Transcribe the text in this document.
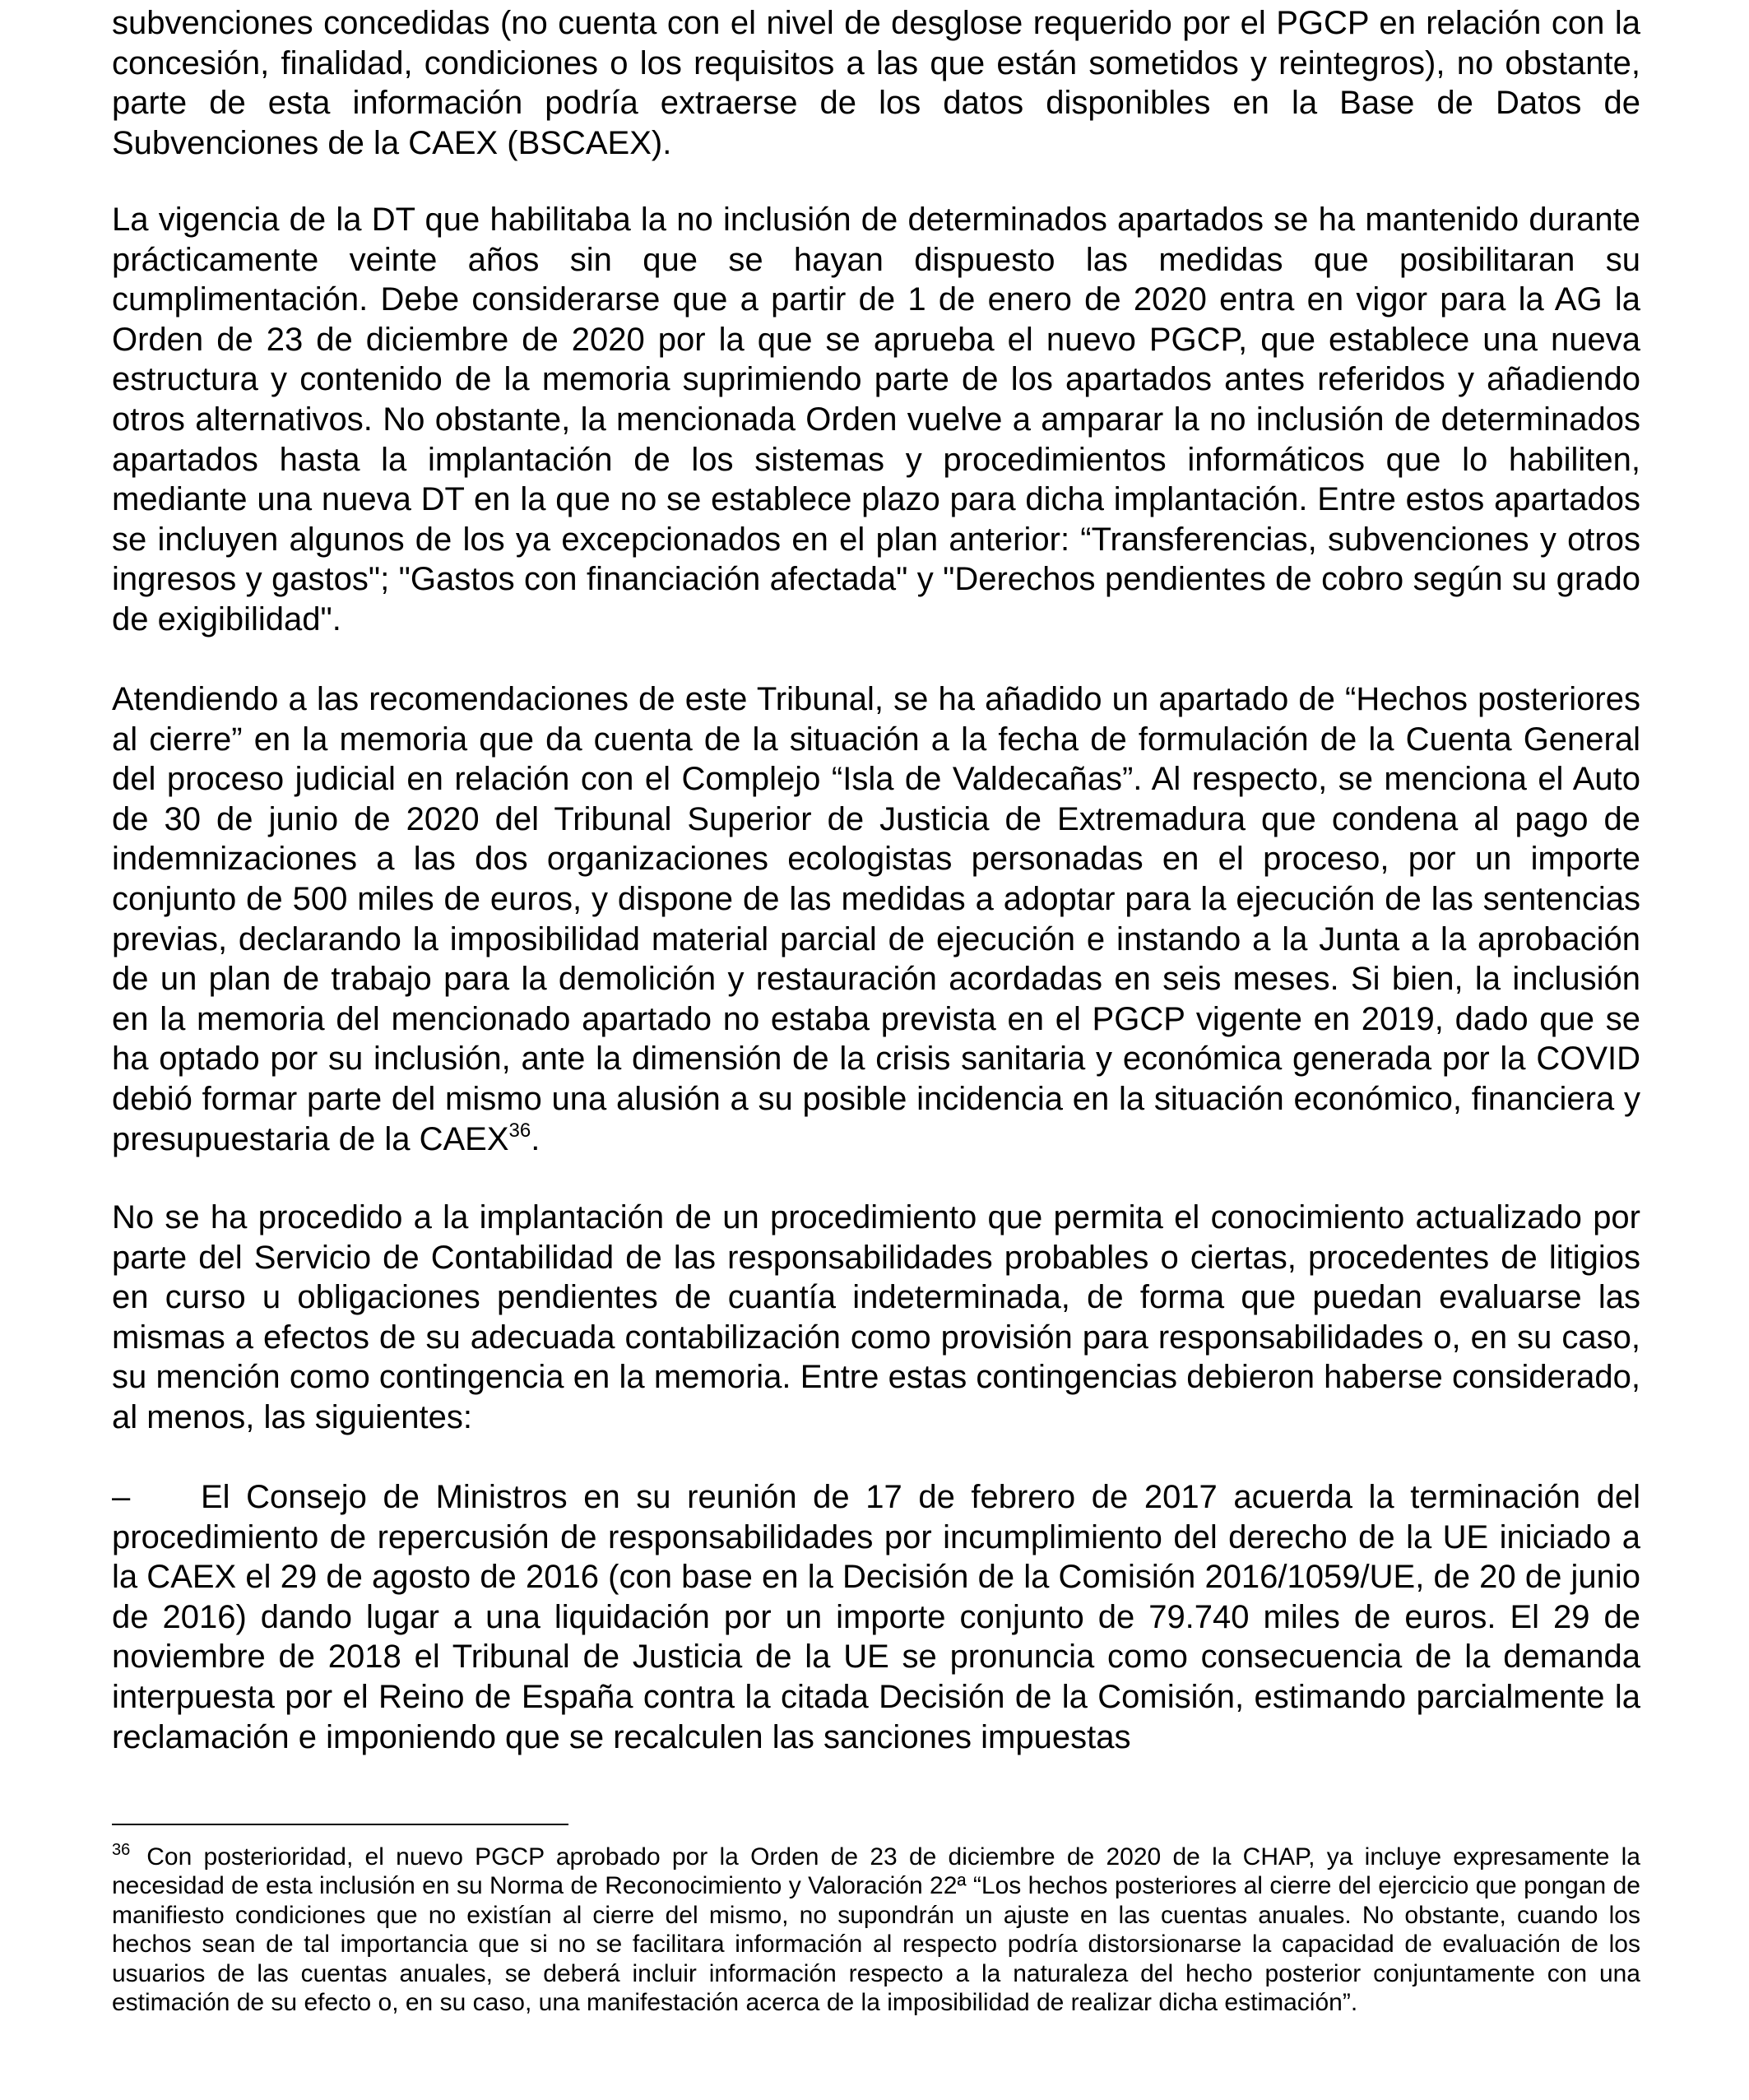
subvenciones concedidas (no cuenta con el nivel de desglose requerido por el PGCP en relación con la concesión, finalidad, condiciones o los requisitos a las que están sometidos y reintegros), no obstante, parte de esta información podría extraerse de los datos disponibles en la Base de Datos de Subvenciones de la CAEX (BSCAEX).

La vigencia de la DT que habilitaba la no inclusión de determinados apartados se ha mantenido durante prácticamente veinte años sin que se hayan dispuesto las medidas que posibilitaran su cumplimentación. Debe considerarse que a partir de 1 de enero de 2020 entra en vigor para la AG la Orden de 23 de diciembre de 2020 por la que se aprueba el nuevo PGCP, que establece una nueva estructura y contenido de la memoria suprimiendo parte de los apartados antes referidos y añadiendo otros alternativos. No obstante, la mencionada Orden vuelve a amparar la no inclusión de determinados apartados hasta la implantación de los sistemas y procedimientos informáticos que lo habiliten, mediante una nueva DT en la que no se establece plazo para dicha implantación. Entre estos apartados se incluyen algunos de los ya excepcionados en el plan anterior: “Transferencias, subvenciones y otros ingresos y gastos"; "Gastos con financiación afectada" y "Derechos pendientes de cobro según su grado de exigibilidad".

Atendiendo a las recomendaciones de este Tribunal, se ha añadido un apartado de “Hechos posteriores al cierre” en la memoria que da cuenta de la situación a la fecha de formulación de la Cuenta General del proceso judicial en relación con el Complejo “Isla de Valdecañas”. Al respecto, se menciona el Auto de 30 de junio de 2020 del Tribunal Superior de Justicia de Extremadura que condena al pago de indemnizaciones a las dos organizaciones ecologistas personadas en el proceso, por un importe conjunto de 500 miles de euros, y dispone de las medidas a adoptar para la ejecución de las sentencias previas, declarando la imposibilidad material parcial de ejecución e instando a la Junta a la aprobación de un plan de trabajo para la demolición y restauración acordadas en seis meses. Si bien, la inclusión en la memoria del mencionado apartado no estaba prevista en el PGCP vigente en 2019, dado que se ha optado por su inclusión, ante la dimensión de la crisis sanitaria y económica generada por la COVID debió formar parte del mismo una alusión a su posible incidencia en la situación económico, financiera y presupuestaria de la CAEX$^{36}$.

No se ha procedido a la implantación de un procedimiento que permita el conocimiento actualizado por parte del Servicio de Contabilidad de las responsabilidades probables o ciertas, procedentes de litigios en curso u obligaciones pendientes de cuantía indeterminada, de forma que puedan evaluarse las mismas a efectos de su adecuada contabilización como provisión para responsabilidades o, en su caso, su mención como contingencia en la memoria. Entre estas contingencias debieron haberse considerado, al menos, las siguientes:

– El Consejo de Ministros en su reunión de 17 de febrero de 2017 acuerda la terminación del procedimiento de repercusión de responsabilidades por incumplimiento del derecho de la UE iniciado a la CAEX el 29 de agosto de 2016 (con base en la Decisión de la Comisión 2016/1059/UE, de 20 de junio de 2016) dando lugar a una liquidación por un importe conjunto de 79.740 miles de euros. El 29 de noviembre de 2018 el Tribunal de Justicia de la UE se pronuncia como consecuencia de la demanda interpuesta por el Reino de España contra la citada Decisión de la Comisión, estimando parcialmente la reclamación e imponiendo que se recalculen las sanciones impuestas

$^{36}$ Con posterioridad, el nuevo PGCP aprobado por la Orden de 23 de diciembre de 2020 de la CHAP, ya incluye expresamente la necesidad de esta inclusión en su Norma de Reconocimiento y Valoración 22ª “Los hechos posteriores al cierre del ejercicio que pongan de manifiesto condiciones que no existían al cierre del mismo, no supondrán un ajuste en las cuentas anuales. No obstante, cuando los hechos sean de tal importancia que si no se facilitara información al respecto podría distorsionarse la capacidad de evaluación de los usuarios de las cuentas anuales, se deberá incluir información respecto a la naturaleza del hecho posterior conjuntamente con una estimación de su efecto o, en su caso, una manifestación acerca de la imposibilidad de realizar dicha estimación”.
